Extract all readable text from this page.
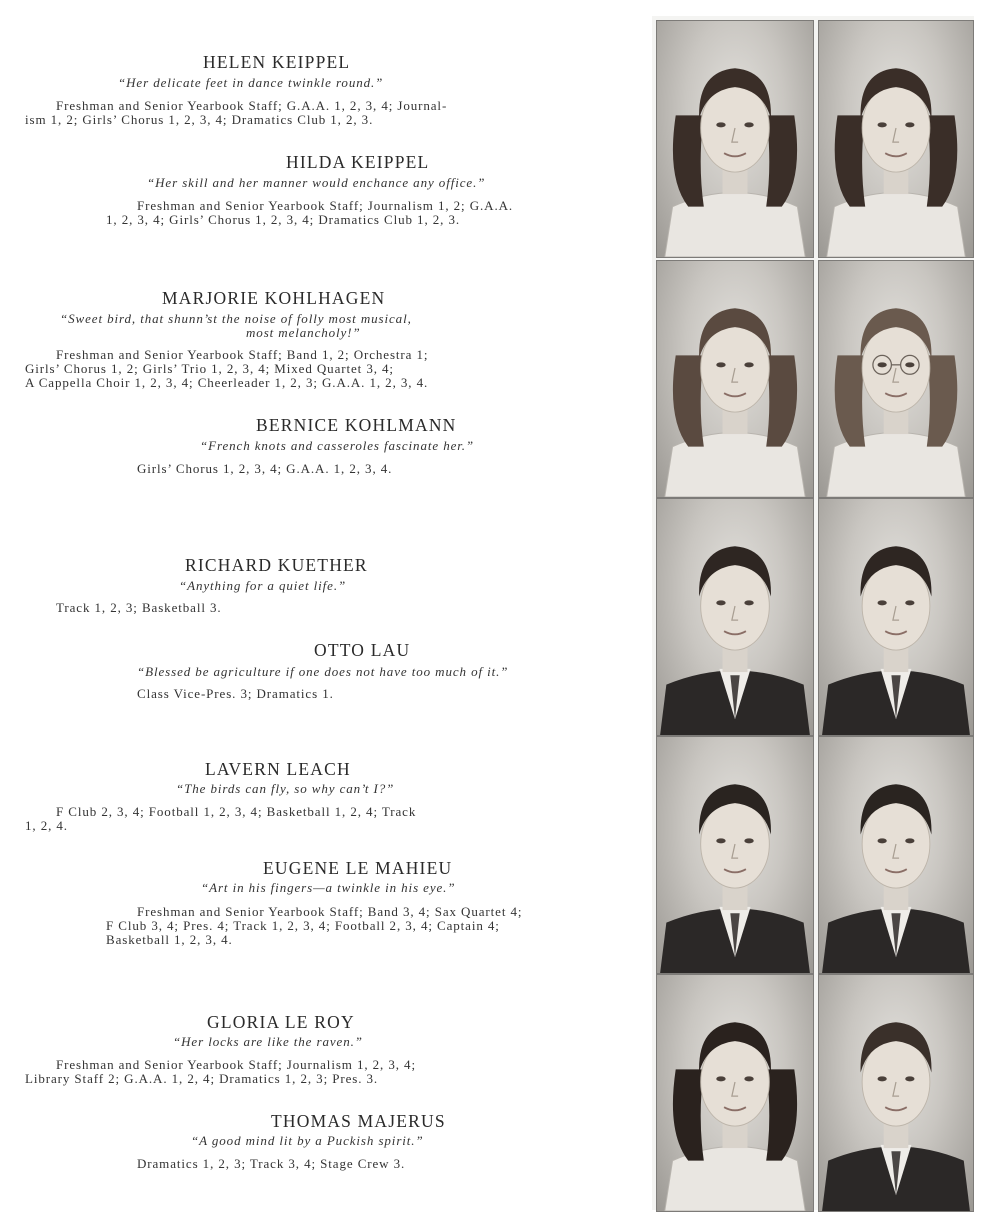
HELEN KEIPPEL
“Her delicate feet in dance twinkle round.”
Freshman and Senior Yearbook Staff; G.A.A. 1, 2, 3, 4; Journal-
ism 1, 2; Girls’ Chorus 1, 2, 3, 4; Dramatics Club 1, 2, 3.
HILDA KEIPPEL
“Her skill and her manner would enchance any office.”
Freshman and Senior Yearbook Staff; Journalism 1, 2; G.A.A.
1, 2, 3, 4; Girls’ Chorus 1, 2, 3, 4; Dramatics Club 1, 2, 3.
MARJORIE KOHLHAGEN
“Sweet bird, that shunn’st the noise of folly most musical,
most melancholy!”
Freshman and Senior Yearbook Staff; Band 1, 2; Orchestra 1;
Girls’ Chorus 1, 2; Girls’ Trio 1, 2, 3, 4; Mixed Quartet 3, 4;
A Cappella Choir 1, 2, 3, 4; Cheerleader 1, 2, 3; G.A.A. 1, 2, 3, 4.
BERNICE KOHLMANN
“French knots and casseroles fascinate her.”
Girls’ Chorus 1, 2, 3, 4; G.A.A. 1, 2, 3, 4.
RICHARD KUETHER
“Anything for a quiet life.”
Track 1, 2, 3; Basketball 3.
OTTO LAU
“Blessed be agriculture if one does not have too much of it.”
Class Vice-Pres. 3; Dramatics 1.
LAVERN LEACH
“The birds can fly, so why can’t I?”
F Club 2, 3, 4; Football 1, 2, 3, 4; Basketball 1, 2, 4; Track
1, 2, 4.
EUGENE LE MAHIEU
“Art in his fingers—a twinkle in his eye.”
Freshman and Senior Yearbook Staff; Band 3, 4; Sax Quartet 4;
F Club 3, 4; Pres. 4; Track 1, 2, 3, 4; Football 2, 3, 4; Captain 4;
Basketball 1, 2, 3, 4.
GLORIA LE ROY
“Her locks are like the raven.”
Freshman and Senior Yearbook Staff; Journalism 1, 2, 3, 4;
Library Staff 2; G.A.A. 1, 2, 4; Dramatics 1, 2, 3; Pres. 3.
THOMAS MAJERUS
“A good mind lit by a Puckish spirit.”
Dramatics 1, 2, 3; Track 3, 4; Stage Crew 3.
